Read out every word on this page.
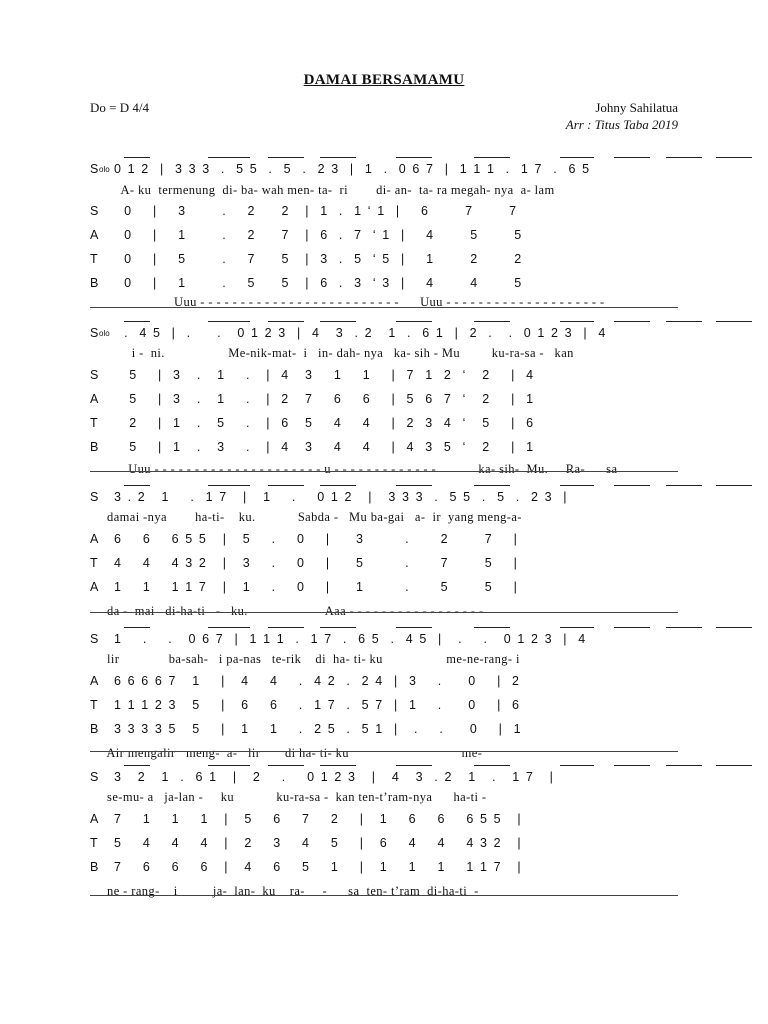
DAMAI BERSAMAMU
Do = D 4/4	Johny Sahilatua
Arr : Titus Taba 2019
S olo 0 1 2  |  3 3 3  .  5 5  .  5  .  2 3  |  1  .  0 6 7  |  1 1 1  .  1 7  .  6 5
A- ku  termenung  di- ba- wah men- ta-  ri        di- an-  ta- ra megah- nya  a- lam
S 0    |    3       .    2     2   |  1  .  1 ‘ 1  |    6       7       7
A 0    |    1       .    2     7   |  6  .  7  ‘ 1  |    4       5       5
T 0    |    5       .    7     5   |  3  .  5  ‘ 5  |    1       2       2
B 0    |    1       .    5     5   |  6  .  3  ‘ 3  |    4       4       5
Uuu - - - - - - - - - - - - - - - - - - - - - - - - -      Uuu - - - - - - - - - - - - - - - - - - - -
S olo .  4 5  |  .     .   0 1 2 3  |  4   3  . 2   1  .  6 1  |  2  .   .  0 1 2 3  |  4
i -  ni.                  Me-nik-mat-  i   in- dah- nya   ka- sih - Mu         ku-ra-sa -   kan
S 5    |  3   .   1    .   |  4   3    1    1    |  7  1  2  ‘   2    |  4
A 5    |  3   .   1    .   |  2   7    6    6    |  5  6  7  ‘   2    |  1
T 2    |  1   .   5    .   |  6   5    4    4    |  2  3  4  ‘   5    |  6
B 5    |  1   .   3    .   |  4   3    4    4    |  4  3  5  ‘   2    |  1
Uuu - - - - - - - - - - - - - - - - - - - - - u - - - - - - - - - - - - -            ka- sih-  Mu.     Ra-      sa
S 3 . 2   1    .  1 7   |   1    .    0 1 2   |   3 3 3  .  5 5  .  5  .  2 3  |
damai -nya        ha-ti-    ku.            Sabda -   Mu ba-gai   a-  ir  yang meng-a-
A 6    6    6 5 5   |   5    .    0    |     3        .      2       7    |
T 4    4    4 3 2   |   3    .    0    |     5        .      7       5    |
A 1    1    1 1 7   |   1    .    0    |     1        .      5       5    |
da -  mai   di-ha-ti   -   ku.                      Aaa - - - - - - - - - - - - - - - - -
S 1    .    .   0 6 7  |  1 1 1  .  1 7  .  6 5  .  4 5  |   .    .   0 1 2 3  |  4
lir              ba-sah-   i pa-nas   te-rik    di  ha- ti- ku                  me-ne-rang- i
A 6 6 6 6 7   1    |   4    4    .  4 2  .  2 4  |  3    .     0    |  2
T 1 1 1 2 3   5    |   6    6    .  1 7  .  5 7  |  1    .     0    |  6
B 3 3 3 3 5   5    |   1    1    .  2 5  .  5 1  |   .    .     0    |  1
Air mengalir   meng-  a-   lir       di ha- ti- ku                                me-
S 3   2   1  .  6 1   |   2    .    0 1 2 3   |   4   3  . 2   1   .   1 7   |
se-mu- a   ja-lan -     ku            ku-ra-sa -  kan ten-t’ram-nya      ha-ti -
A 7    1    1    1   |   5    6    7    2    |   1    6    6    6 5 5   |
T 5    4    4    4   |   2    3    4    5    |   6    4    4    4 3 2   |
B 7    6    6    6   |   4    6    5    1    |   1    1    1    1 1 7   |
ne - rang-    i          ja-  lan-  ku    ra-     -      sa  ten- t’ram  di-ha-ti  -
